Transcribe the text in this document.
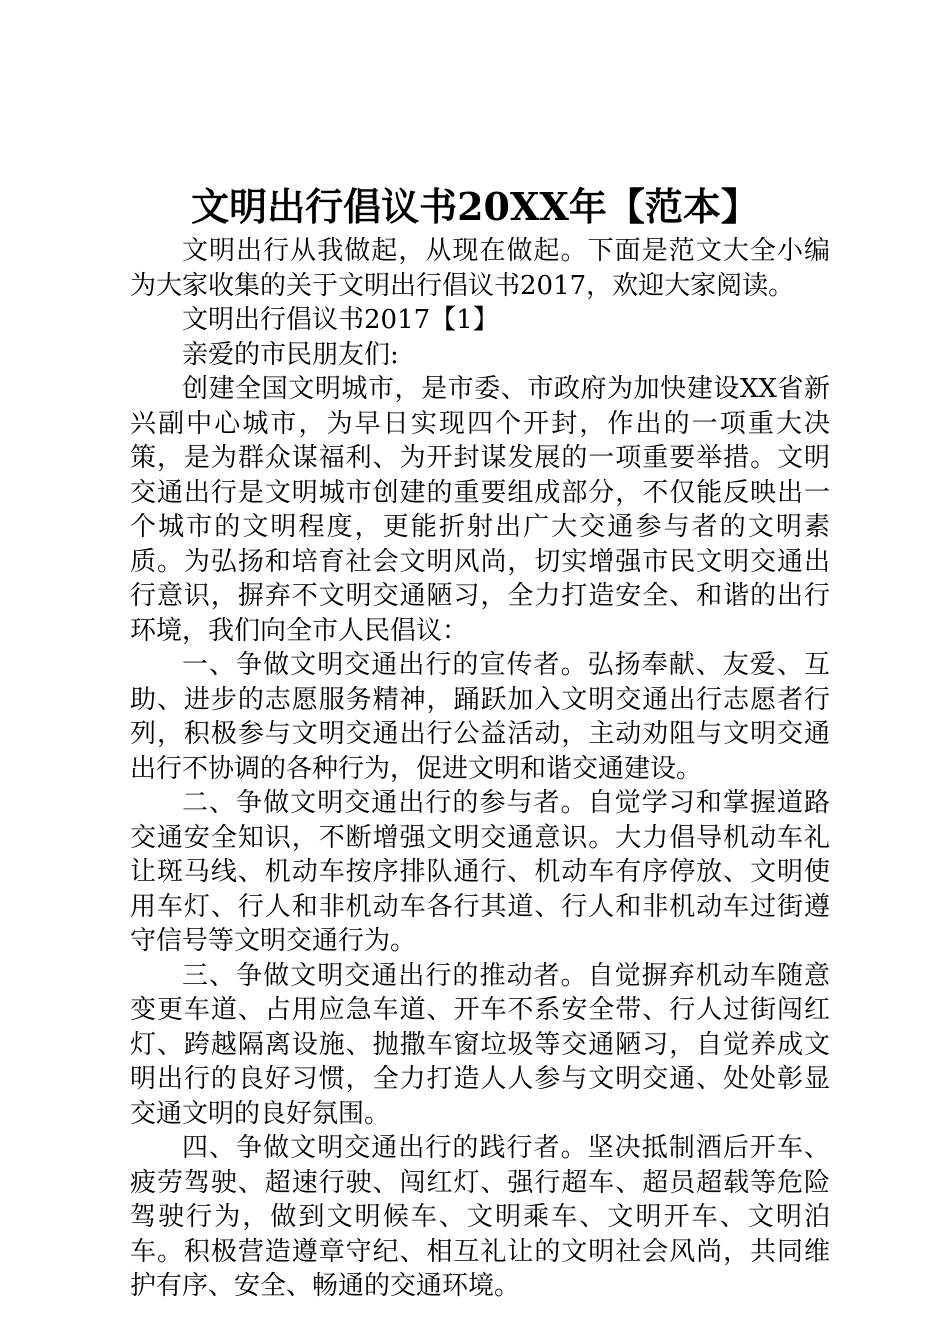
文明出行倡议书20XX年【范本】

文明出行从我做起，从现在做起。下面是范文大全小编为大家收集的关于文明出行倡议书2017，欢迎大家阅读。

文明出行倡议书2017【1】

亲爱的市民朋友们:

创建全国文明城市，是市委、市政府为加快建设XX省新兴副中心城市，为早日实现四个开封，作出的一项重大决策，是为群众谋福利、为开封谋发展的一项重要举措。文明交通出行是文明城市创建的重要组成部分，不仅能反映出一个城市的文明程度，更能折射出广大交通参与者的文明素质。为弘扬和培育社会文明风尚，切实增强市民文明交通出行意识，摒弃不文明交通陋习，全力打造安全、和谐的出行环境，我们向全市人民倡议：

一、争做文明交通出行的宣传者。弘扬奉献、友爱、互助、进步的志愿服务精神，踊跃加入文明交通出行志愿者行列，积极参与文明交通出行公益活动，主动劝阻与文明交通出行不协调的各种行为，促进文明和谐交通建设。

二、争做文明交通出行的参与者。自觉学习和掌握道路交通安全知识，不断增强文明交通意识。大力倡导机动车礼让斑马线、机动车按序排队通行、机动车有序停放、文明使用车灯、行人和非机动车各行其道、行人和非机动车过街遵守信号等文明交通行为。

三、争做文明交通出行的推动者。自觉摒弃机动车随意变更车道、占用应急车道、开车不系安全带、行人过街闯红灯、跨越隔离设施、抛撒车窗垃圾等交通陋习，自觉养成文明出行的良好习惯，全力打造人人参与文明交通、处处彰显交通文明的良好氛围。

四、争做文明交通出行的践行者。坚决抵制酒后开车、疲劳驾驶、超速行驶、闯红灯、强行超车、超员超载等危险驾驶行为，做到文明候车、文明乘车、文明开车、文明泊车。积极营造遵章守纪、相互礼让的文明社会风尚，共同维护有序、安全、畅通的交通环境。
